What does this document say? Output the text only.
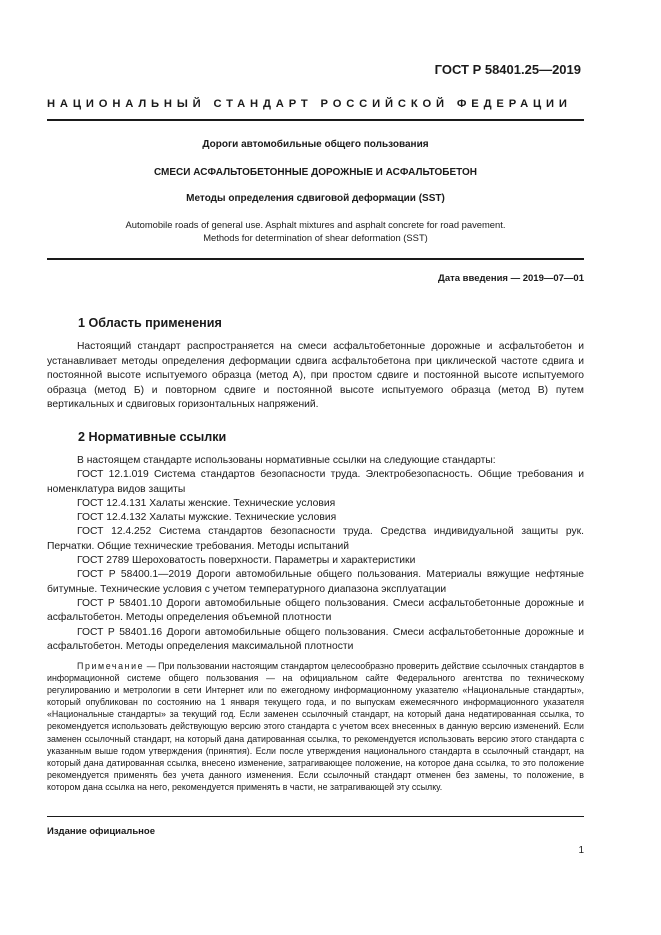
ГОСТ Р 58401.25—2019
НАЦИОНАЛЬНЫЙ СТАНДАРТ РОССИЙСКОЙ ФЕДЕРАЦИИ
Дороги автомобильные общего пользования
СМЕСИ АСФАЛЬТОБЕТОННЫЕ ДОРОЖНЫЕ И АСФАЛЬТОБЕТОН
Методы определения сдвиговой деформации (SST)
Automobile roads of general use. Asphalt mixtures and asphalt concrete for road pavement.
Methods for determination of shear deformation (SST)
Дата введения — 2019—07—01
1 Область применения

Настоящий стандарт распространяется на смеси асфальтобетонные дорожные и асфальтобетон и устанавливает методы определения деформации сдвига асфальтобетона при циклической частоте сдвига и постоянной высоте испытуемого образца (метод А), при простом сдвиге и постоянной высоте испытуемого образца (метод Б) и повторном сдвиге и постоянной высоте испытуемого образца (метод В) путем вертикальных и сдвиговых горизонтальных напряжений.

2 Нормативные ссылки

В настоящем стандарте использованы нормативные ссылки на следующие стандарты:

ГОСТ 12.1.019 Система стандартов безопасности труда. Электробезопасность. Общие требования и номенклатура видов защиты

ГОСТ 12.4.131 Халаты женские. Технические условия

ГОСТ 12.4.132 Халаты мужские. Технические условия

ГОСТ 12.4.252 Система стандартов безопасности труда. Средства индивидуальной защиты рук. Перчатки. Общие технические требования. Методы испытаний

ГОСТ 2789 Шероховатость поверхности. Параметры и характеристики

ГОСТ Р 58400.1—2019 Дороги автомобильные общего пользования. Материалы вяжущие нефтяные битумные. Технические условия с учетом температурного диапазона эксплуатации

ГОСТ Р 58401.10 Дороги автомобильные общего пользования. Смеси асфальтобетонные дорожные и асфальтобетон. Методы определения объемной плотности

ГОСТ Р 58401.16 Дороги автомобильные общего пользования. Смеси асфальтобетонные дорожные и асфальтобетон. Методы определения максимальной плотности

Примечание — При пользовании настоящим стандартом целесообразно проверить действие ссылочных стандартов в информационной системе общего пользования — на официальном сайте Федерального агентства по техническому регулированию и метрологии в сети Интернет или по ежегодному информационному указателю «Национальные стандарты», который опубликован по состоянию на 1 января текущего года, и по выпускам ежемесячного информационного указателя «Национальные стандарты» за текущий год. Если заменен ссылочный стандарт, на который дана недатированная ссылка, то рекомендуется использовать действующую версию этого стандарта с учетом всех внесенных в данную версию изменений. Если заменен ссылочный стандарт, на который дана датированная ссылка, то рекомендуется использовать версию этого стандарта с указанным выше годом утверждения (принятия). Если после утверждения национального стандарта в ссылочный стандарт, на который дана датированная ссылка, внесено изменение, затрагивающее положение, на которое дана ссылка, то это положение рекомендуется применять без учета данного изменения. Если ссылочный стандарт отменен без замены, то положение, в котором дана ссылка на него, рекомендуется применять в части, не затрагивающей эту ссылку.

Издание официальное
1
